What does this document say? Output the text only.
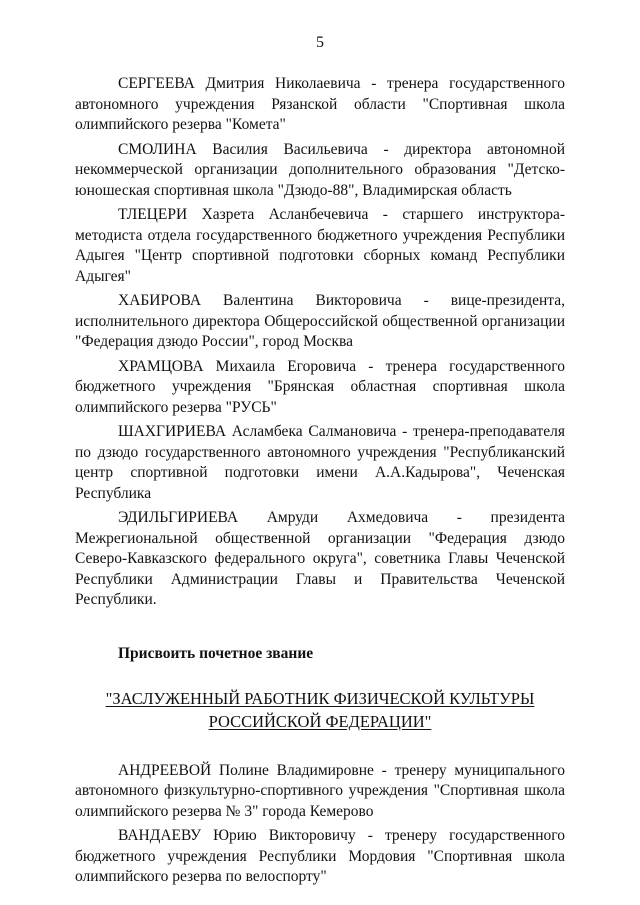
5

СЕРГЕЕВА Дмитрия Николаевича - тренера государственного автономного учреждения Рязанской области "Спортивная школа олимпийского резерва "Комета"

СМОЛИНА Василия Васильевича - директора автономной некоммерческой организации дополнительного образования "Детско-юношеская спортивная школа "Дзюдо-88", Владимирская область

ТЛЕЦЕРИ Хазрета Асланбечевича - старшего инструктора-методиста отдела государственного бюджетного учреждения Республики Адыгея "Центр спортивной подготовки сборных команд Республики Адыгея"

ХАБИРОВА Валентина Викторовича - вице-президента, исполнительного директора Общероссийской общественной организации "Федерация дзюдо России", город Москва

ХРАМЦОВА Михаила Егоровича - тренера государственного бюджетного учреждения "Брянская областная спортивная школа олимпийского резерва "РУСЬ"

ШАХГИРИЕВА Асламбека Салмановича - тренера-преподавателя по дзюдо государственного автономного учреждения "Республиканский центр спортивной подготовки имени А.А.Кадырова", Чеченская Республика

ЭДИЛЬГИРИЕВА Амруди Ахмедовича - президента Межрегиональной общественной организации "Федерация дзюдо Северо-Кавказского федерального округа", советника Главы Чеченской Республики Администрации Главы и Правительства Чеченской Республики.

Присвоить почетное звание
"ЗАСЛУЖЕННЫЙ РАБОТНИК ФИЗИЧЕСКОЙ КУЛЬТУРЫ
РОССИЙСКОЙ ФЕДЕРАЦИИ"

АНДРЕЕВОЙ Полине Владимировне - тренеру муниципального автономного физкультурно-спортивного учреждения "Спортивная школа олимпийского резерва № 3" города Кемерово

ВАНДАЕВУ Юрию Викторовичу - тренеру государственного бюджетного учреждения Республики Мордовия "Спортивная школа олимпийского резерва по велоспорту"
